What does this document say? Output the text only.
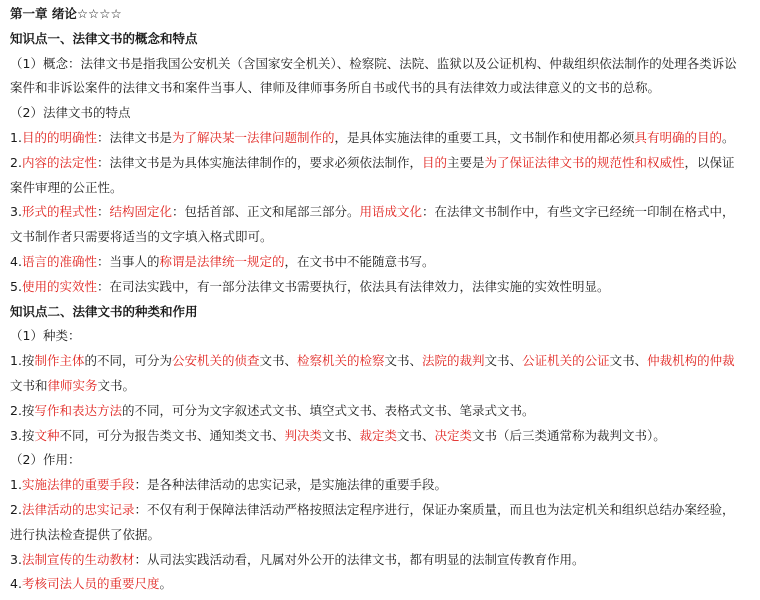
第一章 绪论☆☆☆☆
知识点一、法律文书的概念和特点
（1）概念：法律文书是指我国公安机关（含国家安全机关）、检察院、法院、监狱以及公证机构、仲裁组织依法制作的处理各类诉讼
案件和非诉讼案件的法律文书和案件当事人、律师及律师事务所自书或代书的具有法律效力或法律意义的文书的总称。
（2）法律文书的特点
1.目的的明确性：法律文书是为了解决某一法律问题制作的，是具体实施法律的重要工具，文书制作和使用都必须具有明确的目的。
2.内容的法定性：法律文书是为具体实施法律制作的，要求必须依法制作，目的主要是为了保证法律文书的规范性和权威性，以保证
案件审理的公正性。
3.形式的程式性：结构固定化：包括首部、正文和尾部三部分。用语成文化：在法律文书制作中，有些文字已经统一印制在格式中，
文书制作者只需要将适当的文字填入格式即可。
4.语言的准确性：当事人的称谓是法律统一规定的，在文书中不能随意书写。
5.使用的实效性：在司法实践中，有一部分法律文书需要执行，依法具有法律效力，法律实施的实效性明显。
知识点二、法律文书的种类和作用
（1）种类：
1.按制作主体的不同，可分为公安机关的侦查文书、检察机关的检察文书、法院的裁判文书、公证机关的公证文书、仲裁机构的仲裁
文书和律师实务文书。
2.按写作和表达方法的不同，可分为文字叙述式文书、填空式文书、表格式文书、笔录式文书。
3.按文种不同，可分为报告类文书、通知类文书、判决类文书、裁定类文书、决定类文书（后三类通常称为裁判文书）。
（2）作用：
1.实施法律的重要手段：是各种法律活动的忠实记录，是实施法律的重要手段。
2.法律活动的忠实记录：不仅有利于保障法律活动严格按照法定程序进行，保证办案质量，而且也为法定机关和组织总结办案经验，
进行执法检查提供了依据。
3.法制宣传的生动教材：从司法实践活动看，凡属对外公开的法律文书，都有明显的法制宣传教育作用。
4.考核司法人员的重要尺度。
